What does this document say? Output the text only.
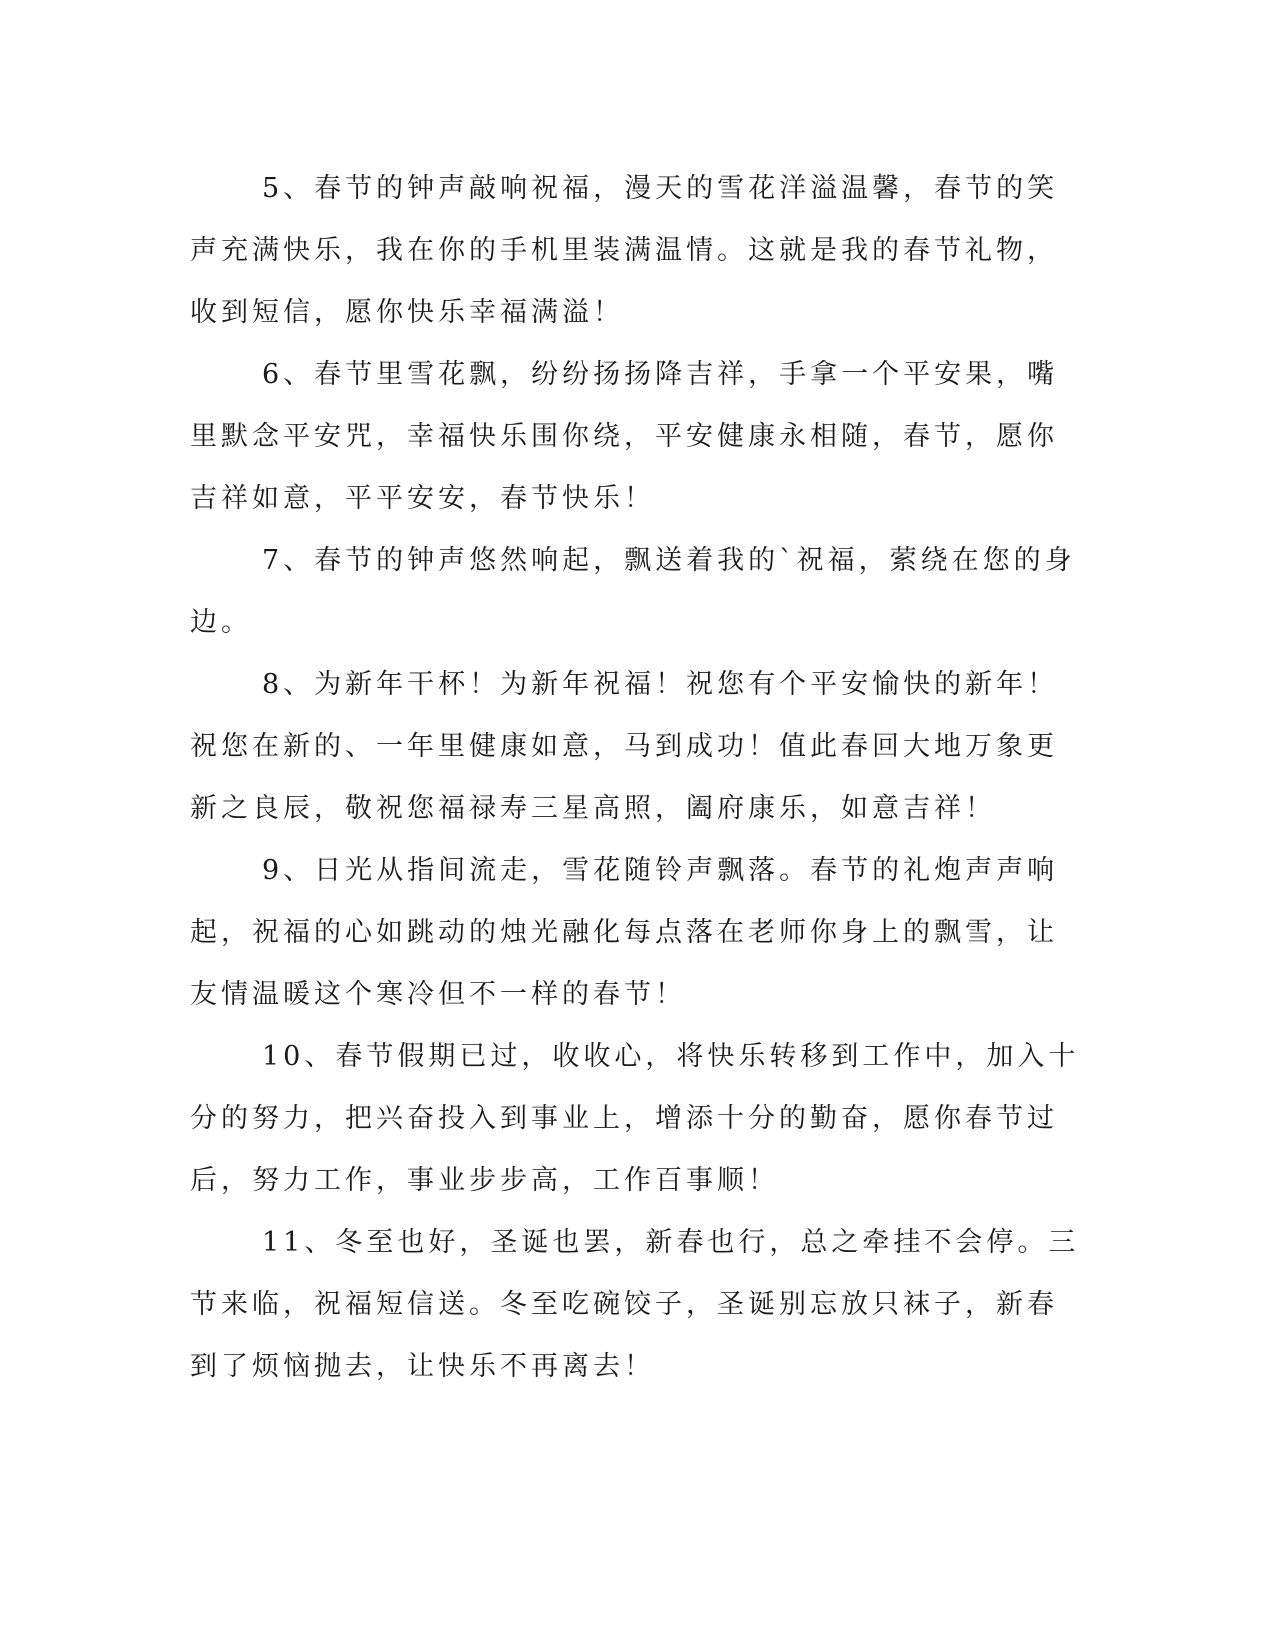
5、春节的钟声敲响祝福，漫天的雪花洋溢温馨，春节的笑声充满快乐，我在你的手机里装满温情。这就是我的春节礼物，收到短信，愿你快乐幸福满溢！

6、春节里雪花飘，纷纷扬扬降吉祥，手拿一个平安果，嘴里默念平安咒，幸福快乐围你绕，平安健康永相随，春节，愿你吉祥如意，平平安安，春节快乐！

7、春节的钟声悠然响起，飘送着我的`祝福，萦绕在您的身边。

8、为新年干杯！为新年祝福！祝您有个平安愉快的新年！祝您在新的、一年里健康如意，马到成功！值此春回大地万象更新之良辰，敬祝您福禄寿三星高照，阖府康乐，如意吉祥！

9、日光从指间流走，雪花随铃声飘落。春节的礼炮声声响起，祝福的心如跳动的烛光融化每点落在老师你身上的飘雪，让友情温暖这个寒冷但不一样的春节！

10、春节假期已过，收收心，将快乐转移到工作中，加入十分的努力，把兴奋投入到事业上，增添十分的勤奋，愿你春节过后，努力工作，事业步步高，工作百事顺！

11、冬至也好，圣诞也罢，新春也行，总之牵挂不会停。三节来临，祝福短信送。冬至吃碗饺子，圣诞别忘放只袜子，新春到了烦恼抛去，让快乐不再离去！
